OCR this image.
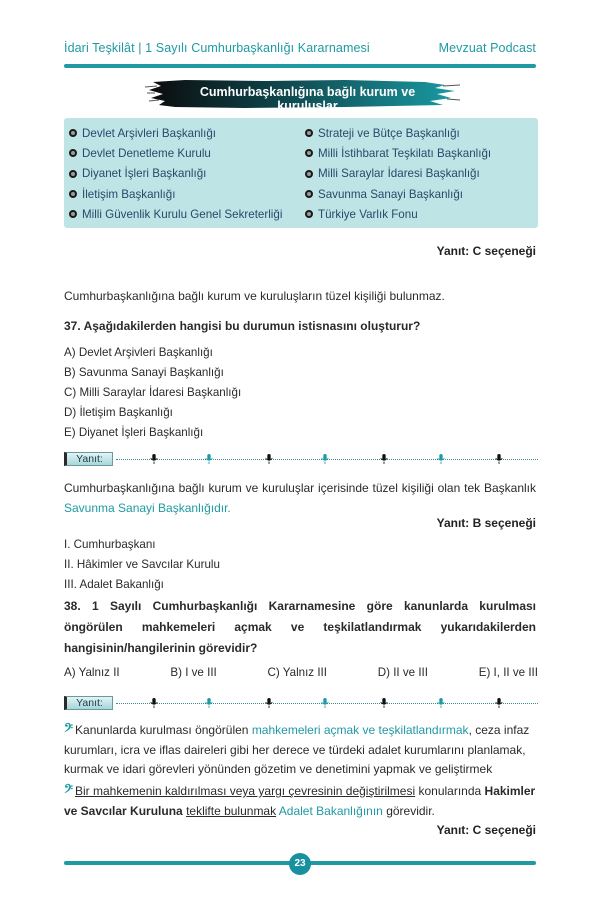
İdari Teşkilât | 1 Sayılı Cumhurbaşkanlığı Kararnamesi	Mevzuat Podcast
Cumhurbaşkanlığına bağlı kurum ve kuruluşlar
Devlet Arşivleri Başkanlığı
Devlet Denetleme Kurulu
Diyanet İşleri Başkanlığı
İletişim Başkanlığı
Milli Güvenlik Kurulu Genel Sekreterliği
Strateji ve Bütçe Başkanlığı
Milli İstihbarat Teşkilatı Başkanlığı
Milli Saraylar İdaresi Başkanlığı
Savunma Sanayi Başkanlığı
Türkiye Varlık Fonu
Yanıt: C seçeneği
Cumhurbaşkanlığına bağlı kurum ve kuruluşların tüzel kişiliği bulunmaz.
37. Aşağıdakilerden hangisi bu durumun istisnasını oluşturur?
A) Devlet Arşivleri Başkanlığı
B) Savunma Sanayi Başkanlığı
C) Milli Saraylar İdaresi Başkanlığı
D) İletişim Başkanlığı
E) Diyanet İşleri Başkanlığı
Yanıt:
Cumhurbaşkanlığına bağlı kurum ve kuruluşlar içerisinde tüzel kişiliği olan tek Başkanlık Savunma Sanayi Başkanlığıdır.
Yanıt: B seçeneği
I. Cumhurbaşkanı
II. Hâkimler ve Savcılar Kurulu
III. Adalet Bakanlığı
38. 1 Sayılı Cumhurbaşkanlığı Kararnamesine göre kanunlarda kurulması öngörülen mahkemeleri açmak ve teşkilatlandırmak yukarıdakilerden hangisinin/hangilerinin görevidir?
A) Yalnız II	B) I ve III	C) Yalnız III	D) II ve III	E) I, II ve III
Yanıt:
𝄢 Kanunlarda kurulması öngörülen mahkemeleri açmak ve teşkilatlandırmak, ceza infaz kurumları, icra ve iflas daireleri gibi her derece ve türdeki adalet kurumlarını planlamak, kurmak ve idari görevleri yönünden gözetim ve denetimini yapmak ve geliştirmek
𝄢 Bir mahkemenin kaldırılması veya yargı çevresinin değiştirilmesi konularında Hakimler ve Savcılar Kuruluna teklifte bulunmak Adalet Bakanlığının görevidir.
Yanıt: C seçeneği
23
